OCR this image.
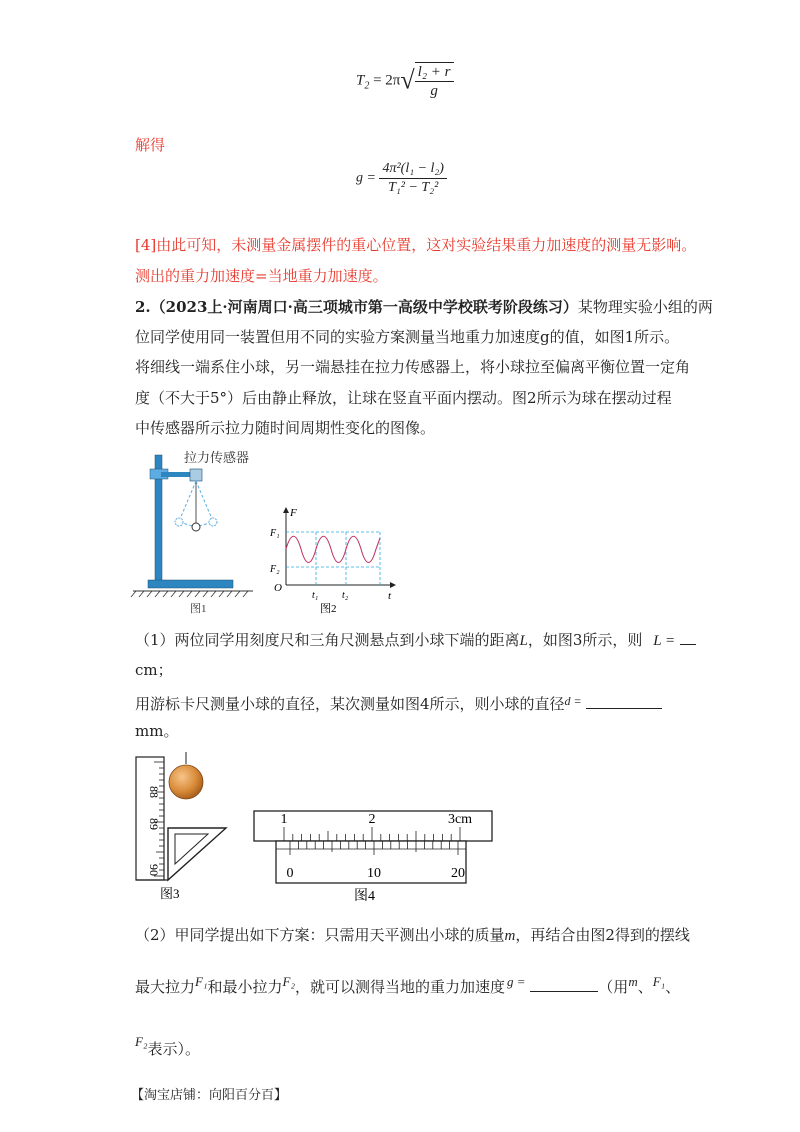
$T_2 = 2\pi√ \frac{\text{l₂ + r}}{g}$
解得
$g = \frac{\text{4π²(l₁ − l₂)}}{\text{T₁² − T₂²}}$
[4]由此可知，未测量金属摆件的重心位置，这对实验结果重力加速度的测量无影响。
测出的重力加速度=当地重力加速度。
2.（2023上·河南周口·高三项城市第一高级中学校联考阶段练习）某物理实验小组的两
位同学使用同一装置但用不同的实验方案测量当地重力加速度g的值，如图1所示。
将细线一端系住小球，另一端悬挂在拉力传感器上，将小球拉至偏离平衡位置一定角
度（不大于5°）后由静止释放，让球在竖直平面内摆动。图2所示为球在摆动过程
中传感器所示拉力随时间周期性变化的图像。
拉力传感器
图1
F
t
O
F₁
F₂
t₁ t₂
图2
（1）两位同学用刻度尺和三角尺测悬点到小球下端的距离L，如图3所示，则 L =
cm；
用游标卡尺测量小球的直径，某次测量如图4所示，则小球的直径$^{d =}$
mm。
88
89
90
图3
1	2	3cm
0	10	20
图4
（2）甲同学提出如下方案：只需用天平测出小球的质量m，再结合由图2得到的摆线
最大拉力F₁和最小拉力F₂，就可以测得当地的重力加速度 g =	（用m、F₁、
F₂表示）。
【淘宝店铺：向阳百分百】
